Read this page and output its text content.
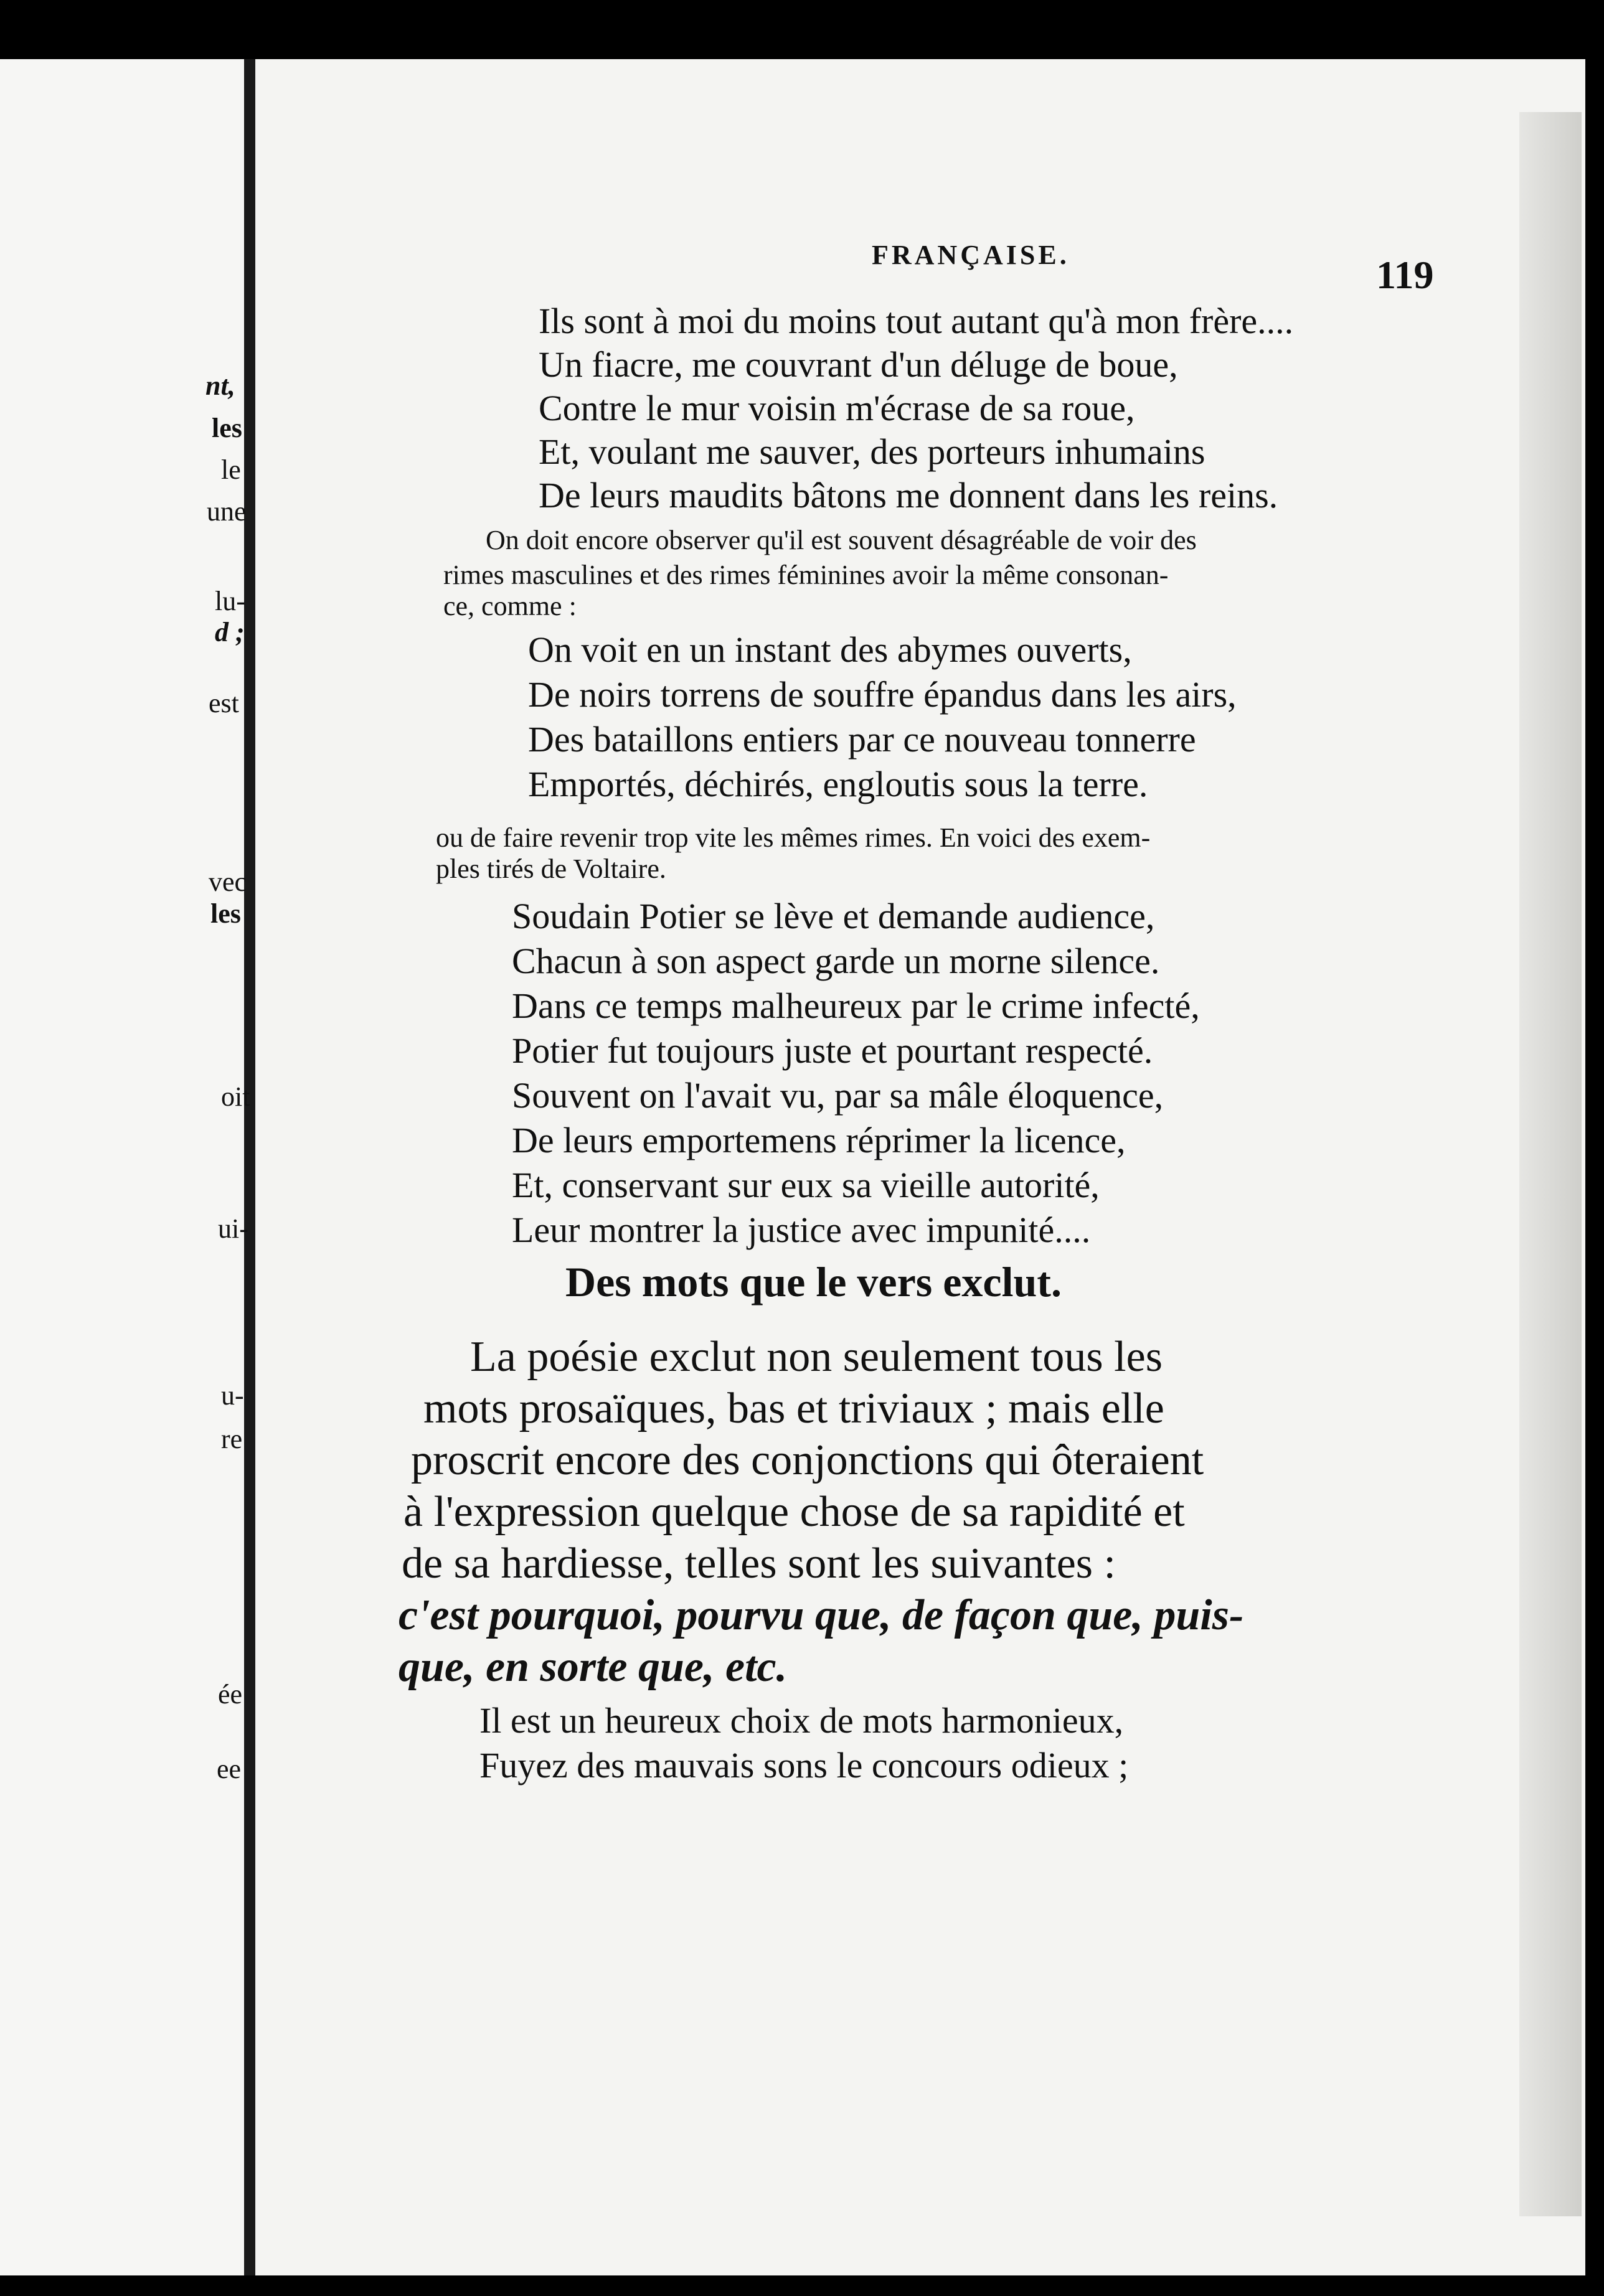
nt,
les
le
une
lu-
d ;
est
vec
les
oit
ui-
u-
re
ée
ee
FRANÇAISE.	119
Ils sont à moi du moins tout autant qu'à mon frère....
Un fiacre, me couvrant d'un déluge de boue,
Contre le mur voisin m'écrase de sa roue,
Et, voulant me sauver, des porteurs inhumains
De leurs maudits bâtons me donnent dans les reins.
On doit encore observer qu'il est souvent désagréable de voir des
rimes masculines et des rimes féminines avoir la même consonan-
ce, comme :
On voit en un instant des abymes ouverts,
De noirs torrens de souffre épandus dans les airs,
Des bataillons entiers par ce nouveau tonnerre
Emportés, déchirés, engloutis sous la terre.
ou de faire revenir trop vite les mêmes rimes. En voici des exem-
ples tirés de Voltaire.
Soudain Potier se lève et demande audience,
Chacun à son aspect garde un morne silence.
Dans ce temps malheureux par le crime infecté,
Potier fut toujours juste et pourtant respecté.
Souvent on l'avait vu, par sa mâle éloquence,
De leurs emportemens réprimer la licence,
Et, conservant sur eux sa vieille autorité,
Leur montrer la justice avec impunité....
Des mots que le vers exclut.
La poésie exclut non seulement tous les
mots prosaïques, bas et triviaux ; mais elle
proscrit encore des conjonctions qui ôteraient
à l'expression quelque chose de sa rapidité et
de sa hardiesse, telles sont les suivantes :
c'est pourquoi, pourvu que, de façon que, puis-
que, en sorte que, etc.
Il est un heureux choix de mots harmonieux,
Fuyez des mauvais sons le concours odieux ;
